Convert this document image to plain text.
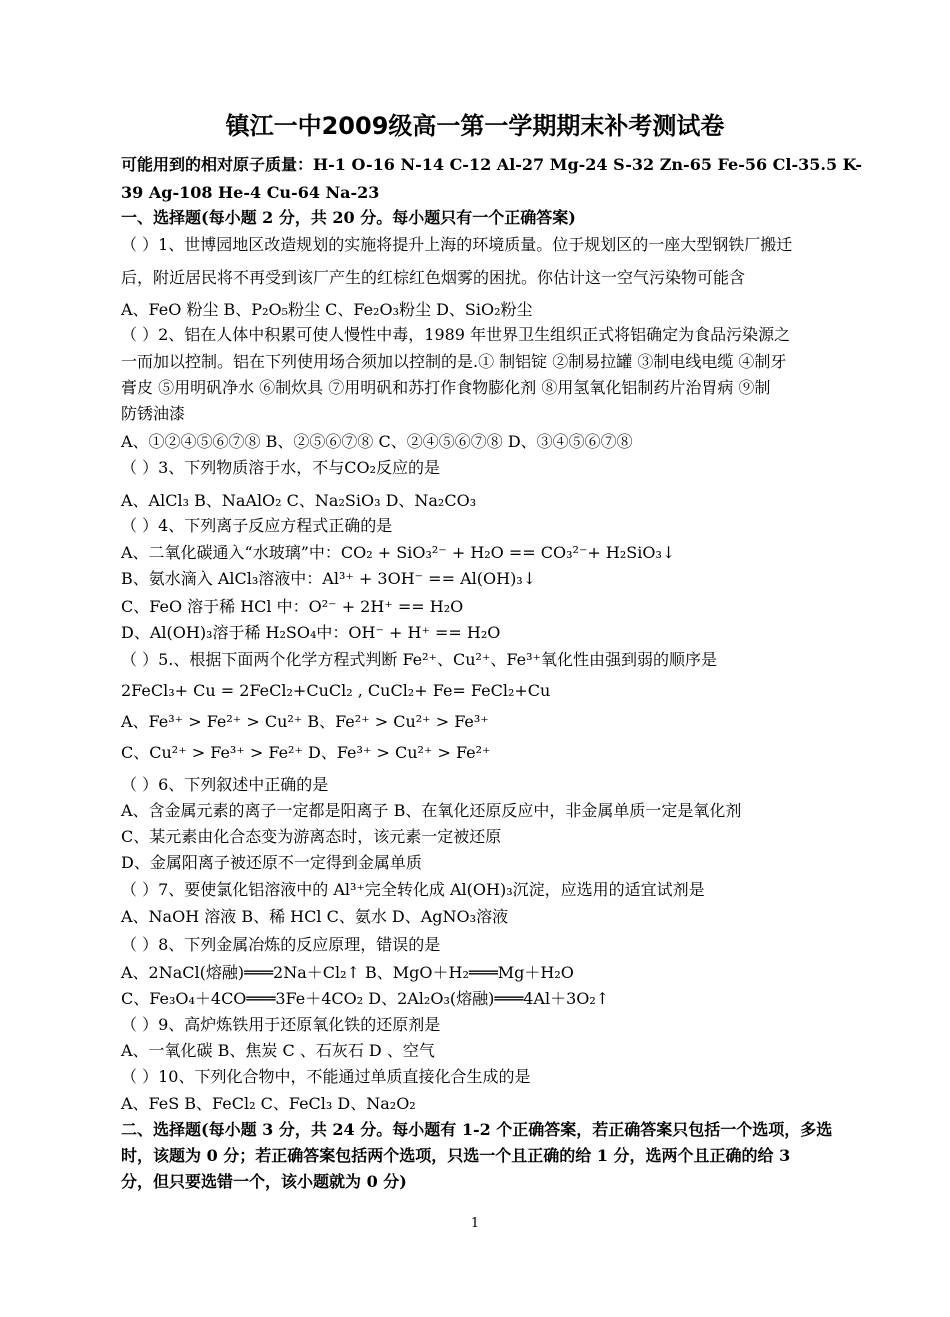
镇江一中2009级高一第一学期期末补考测试卷
可能用到的相对原子质量：H-1 O-16 N-14 C-12 Al-27 Mg-24 S-32 Zn-65 Fe-56 Cl-35.5 K-
39 Ag-108 He-4 Cu-64 Na-23
一、选择题(每小题 2 分，共 20 分。每小题只有一个正确答案)
（ ）1、世博园地区改造规划的实施将提升上海的环境质量。位于规划区的一座大型钢铁厂搬迁
后，附近居民将不再受到该厂产生的红棕红色烟雾的困扰。你估计这一空气污染物可能含
A、FeO 粉尘 B、P₂O₅粉尘 C、Fe₂O₃粉尘 D、SiO₂粉尘
（ ）2、铝在人体中积累可使人慢性中毒，1989 年世界卫生组织正式将铝确定为食品污染源之
一而加以控制。铝在下列使用场合须加以控制的是.① 制铝锭 ②制易拉罐 ③制电线电缆 ④制牙
膏皮 ⑤用明矾净水 ⑥制炊具 ⑦用明矾和苏打作食物膨化剂 ⑧用氢氧化铝制药片治胃病 ⑨制
防锈油漆
A、①②④⑤⑥⑦⑧ B、②⑤⑥⑦⑧ C、②④⑤⑥⑦⑧ D、③④⑤⑥⑦⑧
（ ）3、下列物质溶于水，不与CO₂反应的是
A、AlCl₃ B、NaAlO₂ C、Na₂SiO₃ D、Na₂CO₃
（ ）4、下列离子反应方程式正确的是
A、二氧化碳通入“水玻璃”中：CO₂ + SiO₃²⁻ + H₂O == CO₃²⁻+ H₂SiO₃↓
B、氨水滴入 AlCl₃溶液中：Al³⁺ + 3OH⁻ == Al(OH)₃↓
C、FeO 溶于稀 HCl 中：O²⁻ + 2H⁺ == H₂O
D、Al(OH)₃溶于稀 H₂SO₄中：OH⁻ + H⁺ == H₂O
（ ）5.、根据下面两个化学方程式判断 Fe²⁺、Cu²⁺、Fe³⁺氧化性由强到弱的顺序是
2FeCl₃+ Cu = 2FeCl₂+CuCl₂ , CuCl₂+ Fe= FeCl₂+Cu
A、Fe³⁺ > Fe²⁺ > Cu²⁺ B、Fe²⁺ > Cu²⁺ > Fe³⁺
C、Cu²⁺ > Fe³⁺ > Fe²⁺ D、Fe³⁺ > Cu²⁺ > Fe²⁺
（ ）6、下列叙述中正确的是
A、含金属元素的离子一定都是阳离子 B、在氧化还原反应中，非金属单质一定是氧化剂
C、某元素由化合态变为游离态时，该元素一定被还原
D、金属阳离子被还原不一定得到金属单质
（ ）7、要使氯化铝溶液中的 Al³⁺完全转化成 Al(OH)₃沉淀，应选用的适宜试剂是
A、NaOH 溶液 B、稀 HCl C、氨水 D、AgNO₃溶液
（ ）8、下列金属冶炼的反应原理，错误的是
A、2NaCl(熔融)═══2Na＋Cl₂↑ B、MgO＋H₂═══Mg＋H₂O
C、Fe₃O₄＋4CO═══3Fe＋4CO₂ D、2Al₂O₃(熔融)═══4Al＋3O₂↑
（ ）9、高炉炼铁用于还原氧化铁的还原剂是
A、一氧化碳 B、焦炭 C 、石灰石 D 、空气
（ ）10、下列化合物中，不能通过单质直接化合生成的是
A、FeS B、FeCl₂ C、FeCl₃ D、Na₂O₂
二、选择题(每小题 3 分，共 24 分。每小题有 1-2 个正确答案，若正确答案只包括一个选项，多选
时，该题为 0 分；若正确答案包括两个选项，只选一个且正确的给 1 分，选两个且正确的给 3
分，但只要选错一个，该小题就为 0 分)
1
